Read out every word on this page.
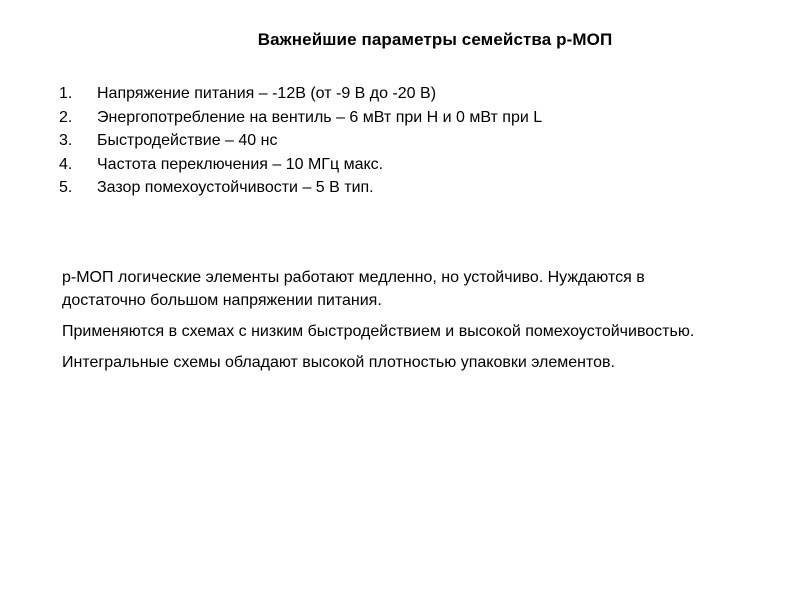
Важнейшие параметры семейства р-МОП
1. Напряжение питания – -12В (от -9 В до -20 В)
2. Энергопотребление на вентиль – 6 мВт при Н и 0 мВт при L
3. Быстродействие – 40 нс
4. Частота переключения – 10 МГц макс.
5. Зазор помехоустойчивости – 5 В тип.

р-МОП логические элементы работают медленно, но устойчиво. Нуждаются в достаточно большом напряжении питания.

Применяются в схемах с низким быстродействием и высокой помехоустойчивостью.

Интегральные схемы обладают высокой плотностью упаковки элементов.
